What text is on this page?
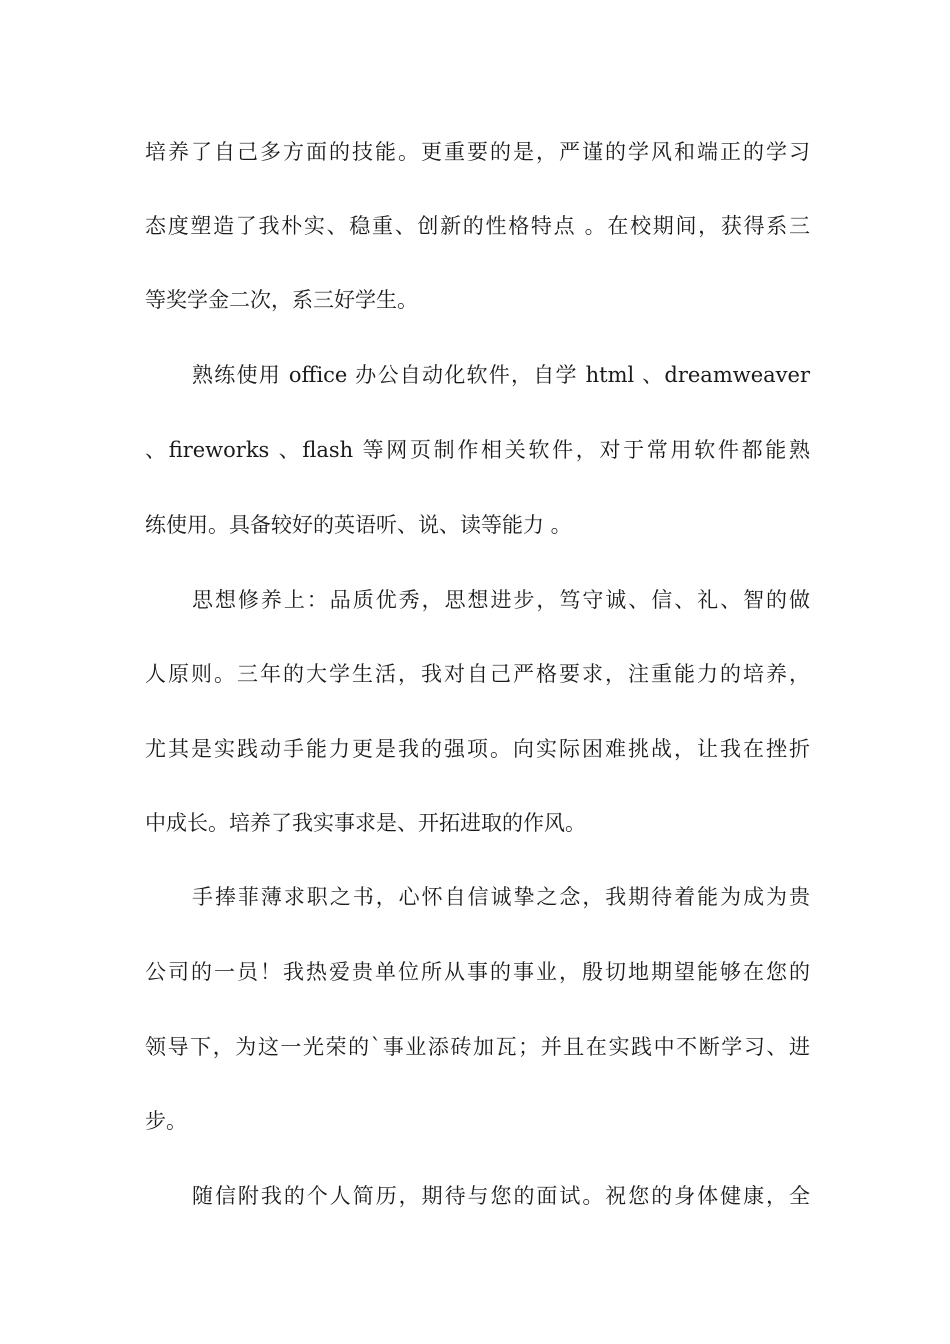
培养了自己多方面的技能。更重要的是，严谨的学风和端正的学习
态度塑造了我朴实、稳重、创新的性格特点 。在校期间，获得系三
等奖学金二次，系三好学生。
熟练使用 office 办公自动化软件，自学 html 、dreamweaver
、fireworks 、flash 等网页制作相关软件，对于常用软件都能熟
练使用。具备较好的英语听、说、读等能力 。
思想修养上：品质优秀，思想进步，笃守诚、信、礼、智的做
人原则。三年的大学生活，我对自己严格要求，注重能力的培养，
尤其是实践动手能力更是我的强项。向实际困难挑战，让我在挫折
中成长。培养了我实事求是、开拓进取的作风。
手捧菲薄求职之书，心怀自信诚挚之念，我期待着能为成为贵
公司的一员！我热爱贵单位所从事的事业，殷切地期望能够在您的
领导下，为这一光荣的`事业添砖加瓦；并且在实践中不断学习、进
步。
随信附我的个人简历，期待与您的面试。祝您的身体健康，全
